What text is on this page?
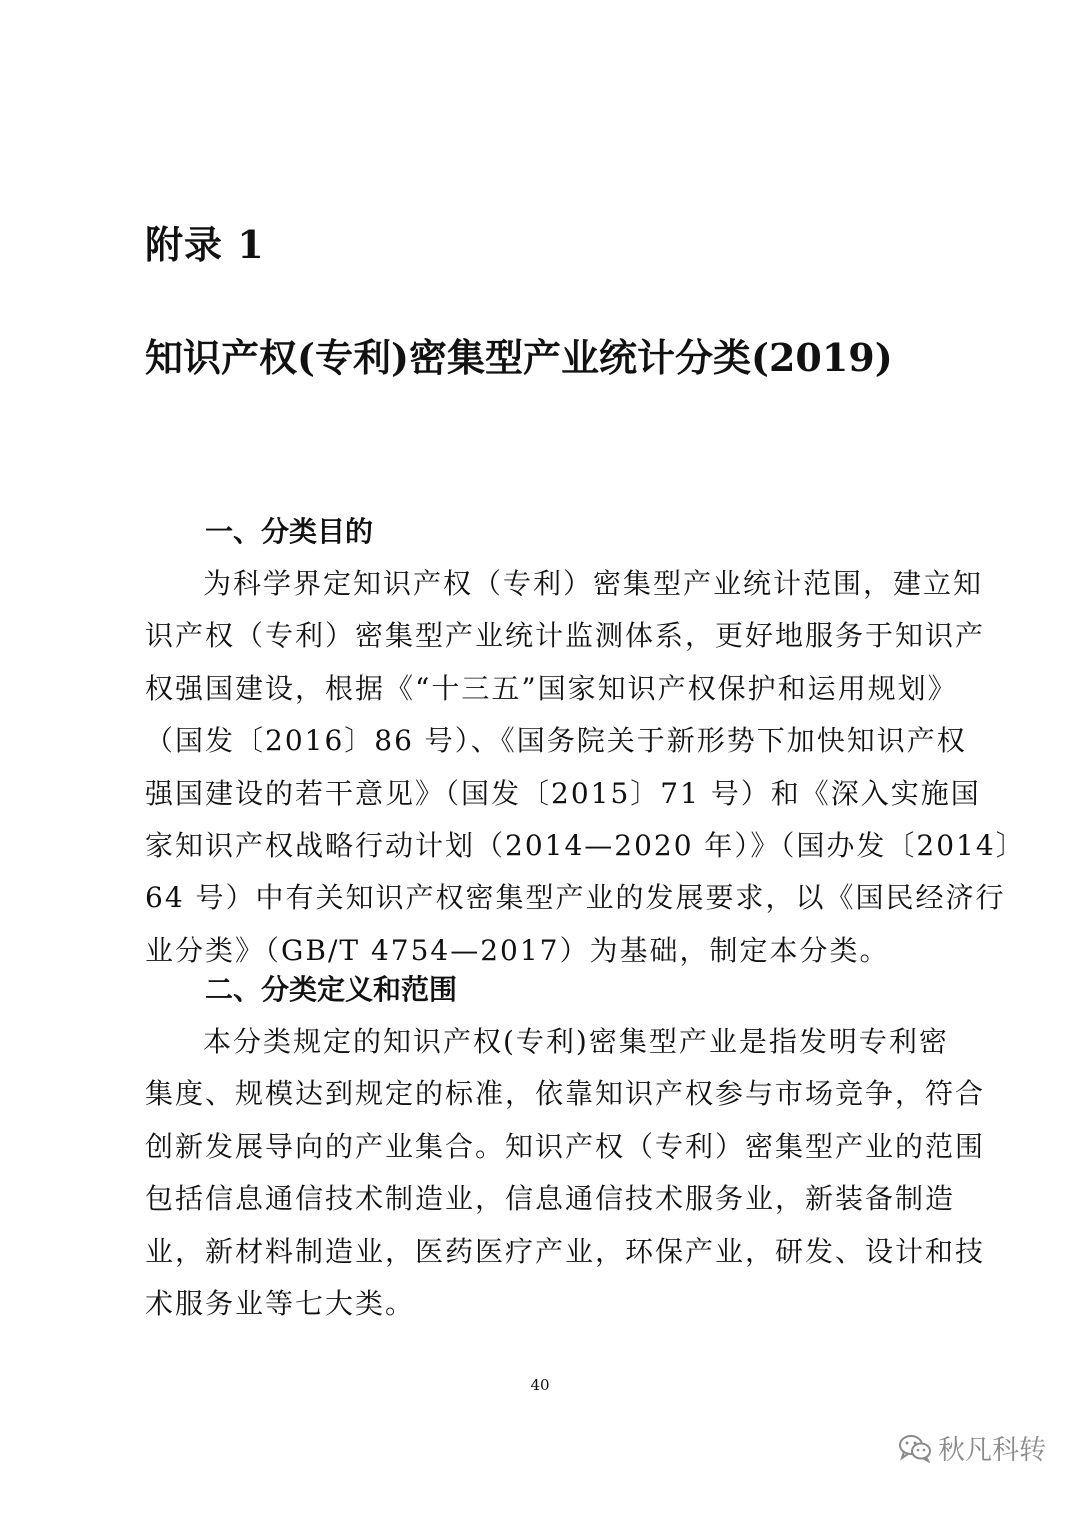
附录 1
知识产权(专利)密集型产业统计分类(2019)
一、分类目的
为科学界定知识产权（专利）密集型产业统计范围，建立知
识产权（专利）密集型产业统计监测体系，更好地服务于知识产
权强国建设，根据《“十三五”国家知识产权保护和运用规划》
（国发〔2016〕86 号）、《国务院关于新形势下加快知识产权
强国建设的若干意见》（国发〔2015〕71 号）和《深入实施国
家知识产权战略行动计划（2014—2020 年）》（国办发〔2014〕
64 号）中有关知识产权密集型产业的发展要求，以《国民经济行
业分类》（GB/T 4754—2017）为基础，制定本分类。
二、分类定义和范围
本分类规定的知识产权(专利)密集型产业是指发明专利密
集度、规模达到规定的标准，依靠知识产权参与市场竞争，符合
创新发展导向的产业集合。知识产权（专利）密集型产业的范围
包括信息通信技术制造业，信息通信技术服务业，新装备制造
业，新材料制造业，医药医疗产业，环保产业，研发、设计和技
术服务业等七大类。
40
秋凡科转
